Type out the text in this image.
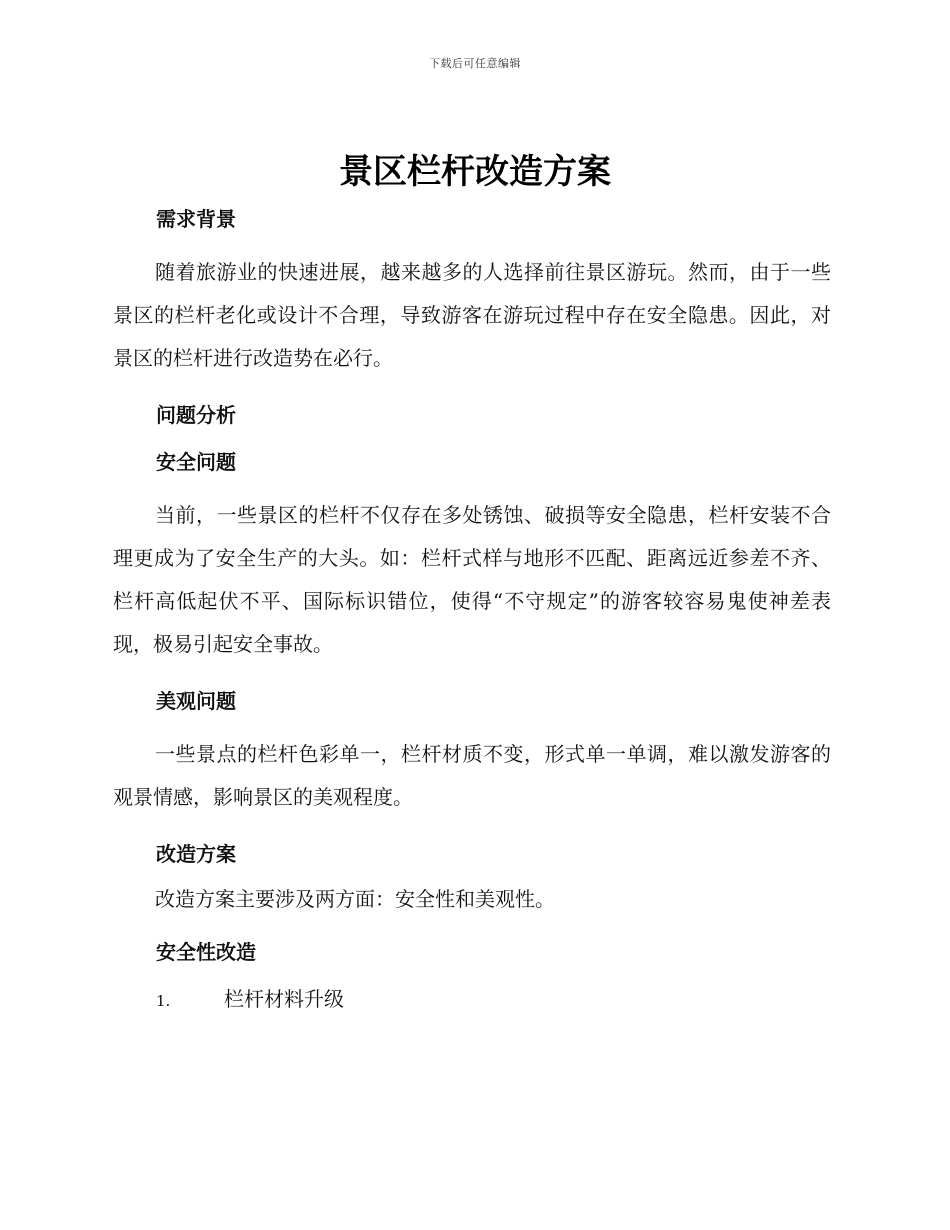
下载后可任意编辑
景区栏杆改造方案
需求背景

随着旅游业的快速进展，越来越多的人选择前往景区游玩。然而，由于一些景区的栏杆老化或设计不合理，导致游客在游玩过程中存在安全隐患。因此，对景区的栏杆进行改造势在必行。

问题分析
安全问题

当前，一些景区的栏杆不仅存在多处锈蚀、破损等安全隐患，栏杆安装不合理更成为了安全生产的大头。如：栏杆式样与地形不匹配、距离远近参差不齐、栏杆高低起伏不平、国际标识错位，使得“不守规定”的游客较容易鬼使神差表现，极易引起安全事故。

美观问题

一些景点的栏杆色彩单一，栏杆材质不变，形式单一单调，难以激发游客的观景情感，影响景区的美观程度。

改造方案

改造方案主要涉及两方面：安全性和美观性。

安全性改造
1.	栏杆材料升级
